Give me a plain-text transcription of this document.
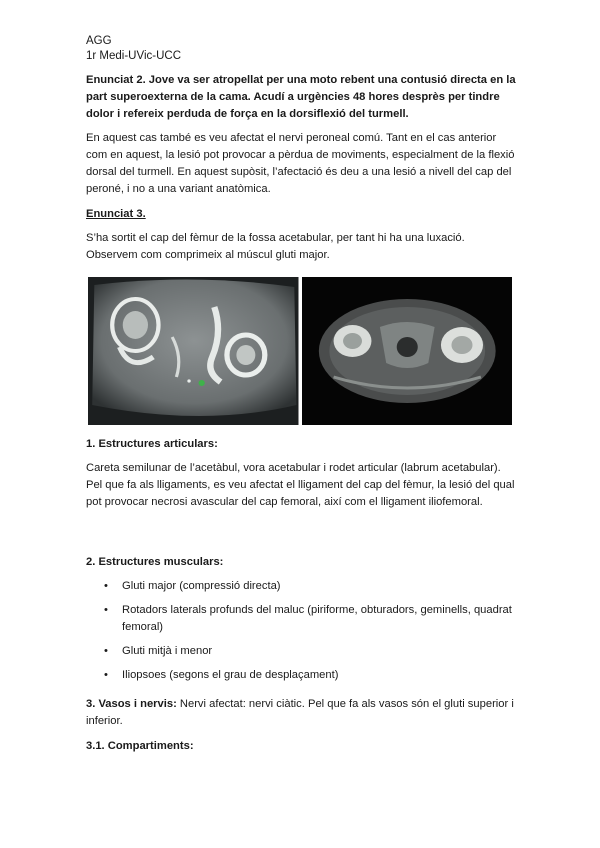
AGG
1r Medi-UVic-UCC

Enunciat 2. Jove va ser atropellat per una moto rebent una contusió directa en la part superoexterna de la cama. Acudí a urgències 48 hores desprès per tindre dolor i refereix perduda de força en la dorsiflexió del turmell.

En aquest cas també es veu afectat el nervi peroneal comú. Tant en el cas anterior com en aquest, la lesió pot provocar a pèrdua de moviments, especialment de la flexió dorsal del turmell. En aquest supòsit, l’afectació és deu a una lesió a nivell del cap del peroné, i no a una variant anatòmica.

Enunciat 3.

S’ha sortit el cap del fèmur de la fossa acetabular, per tant hi ha una luxació. Observem com comprimeix al múscul gluti major.

1. Estructures articulars:

Careta semilunar de l’acetàbul, vora acetabular i rodet articular (labrum acetabular).

Pel que fa als lligaments, es veu afectat el lligament del cap del fèmur, la lesió del qual pot provocar necrosi avascular del cap femoral, així com el lligament iliofemoral.

2. Estructures musculars:

• Gluti major (compressió directa)
• Rotadors laterals profunds del maluc (piriforme, obturadors, geminells, quadrat femoral)
• Gluti mitjà i menor
• Iliopsoes (segons el grau de desplaçament)

3. Vasos i nervis: Nervi afectat: nervi ciàtic. Pel que fa als vasos són el gluti superior i inferior.

3.1. Compartiments:
